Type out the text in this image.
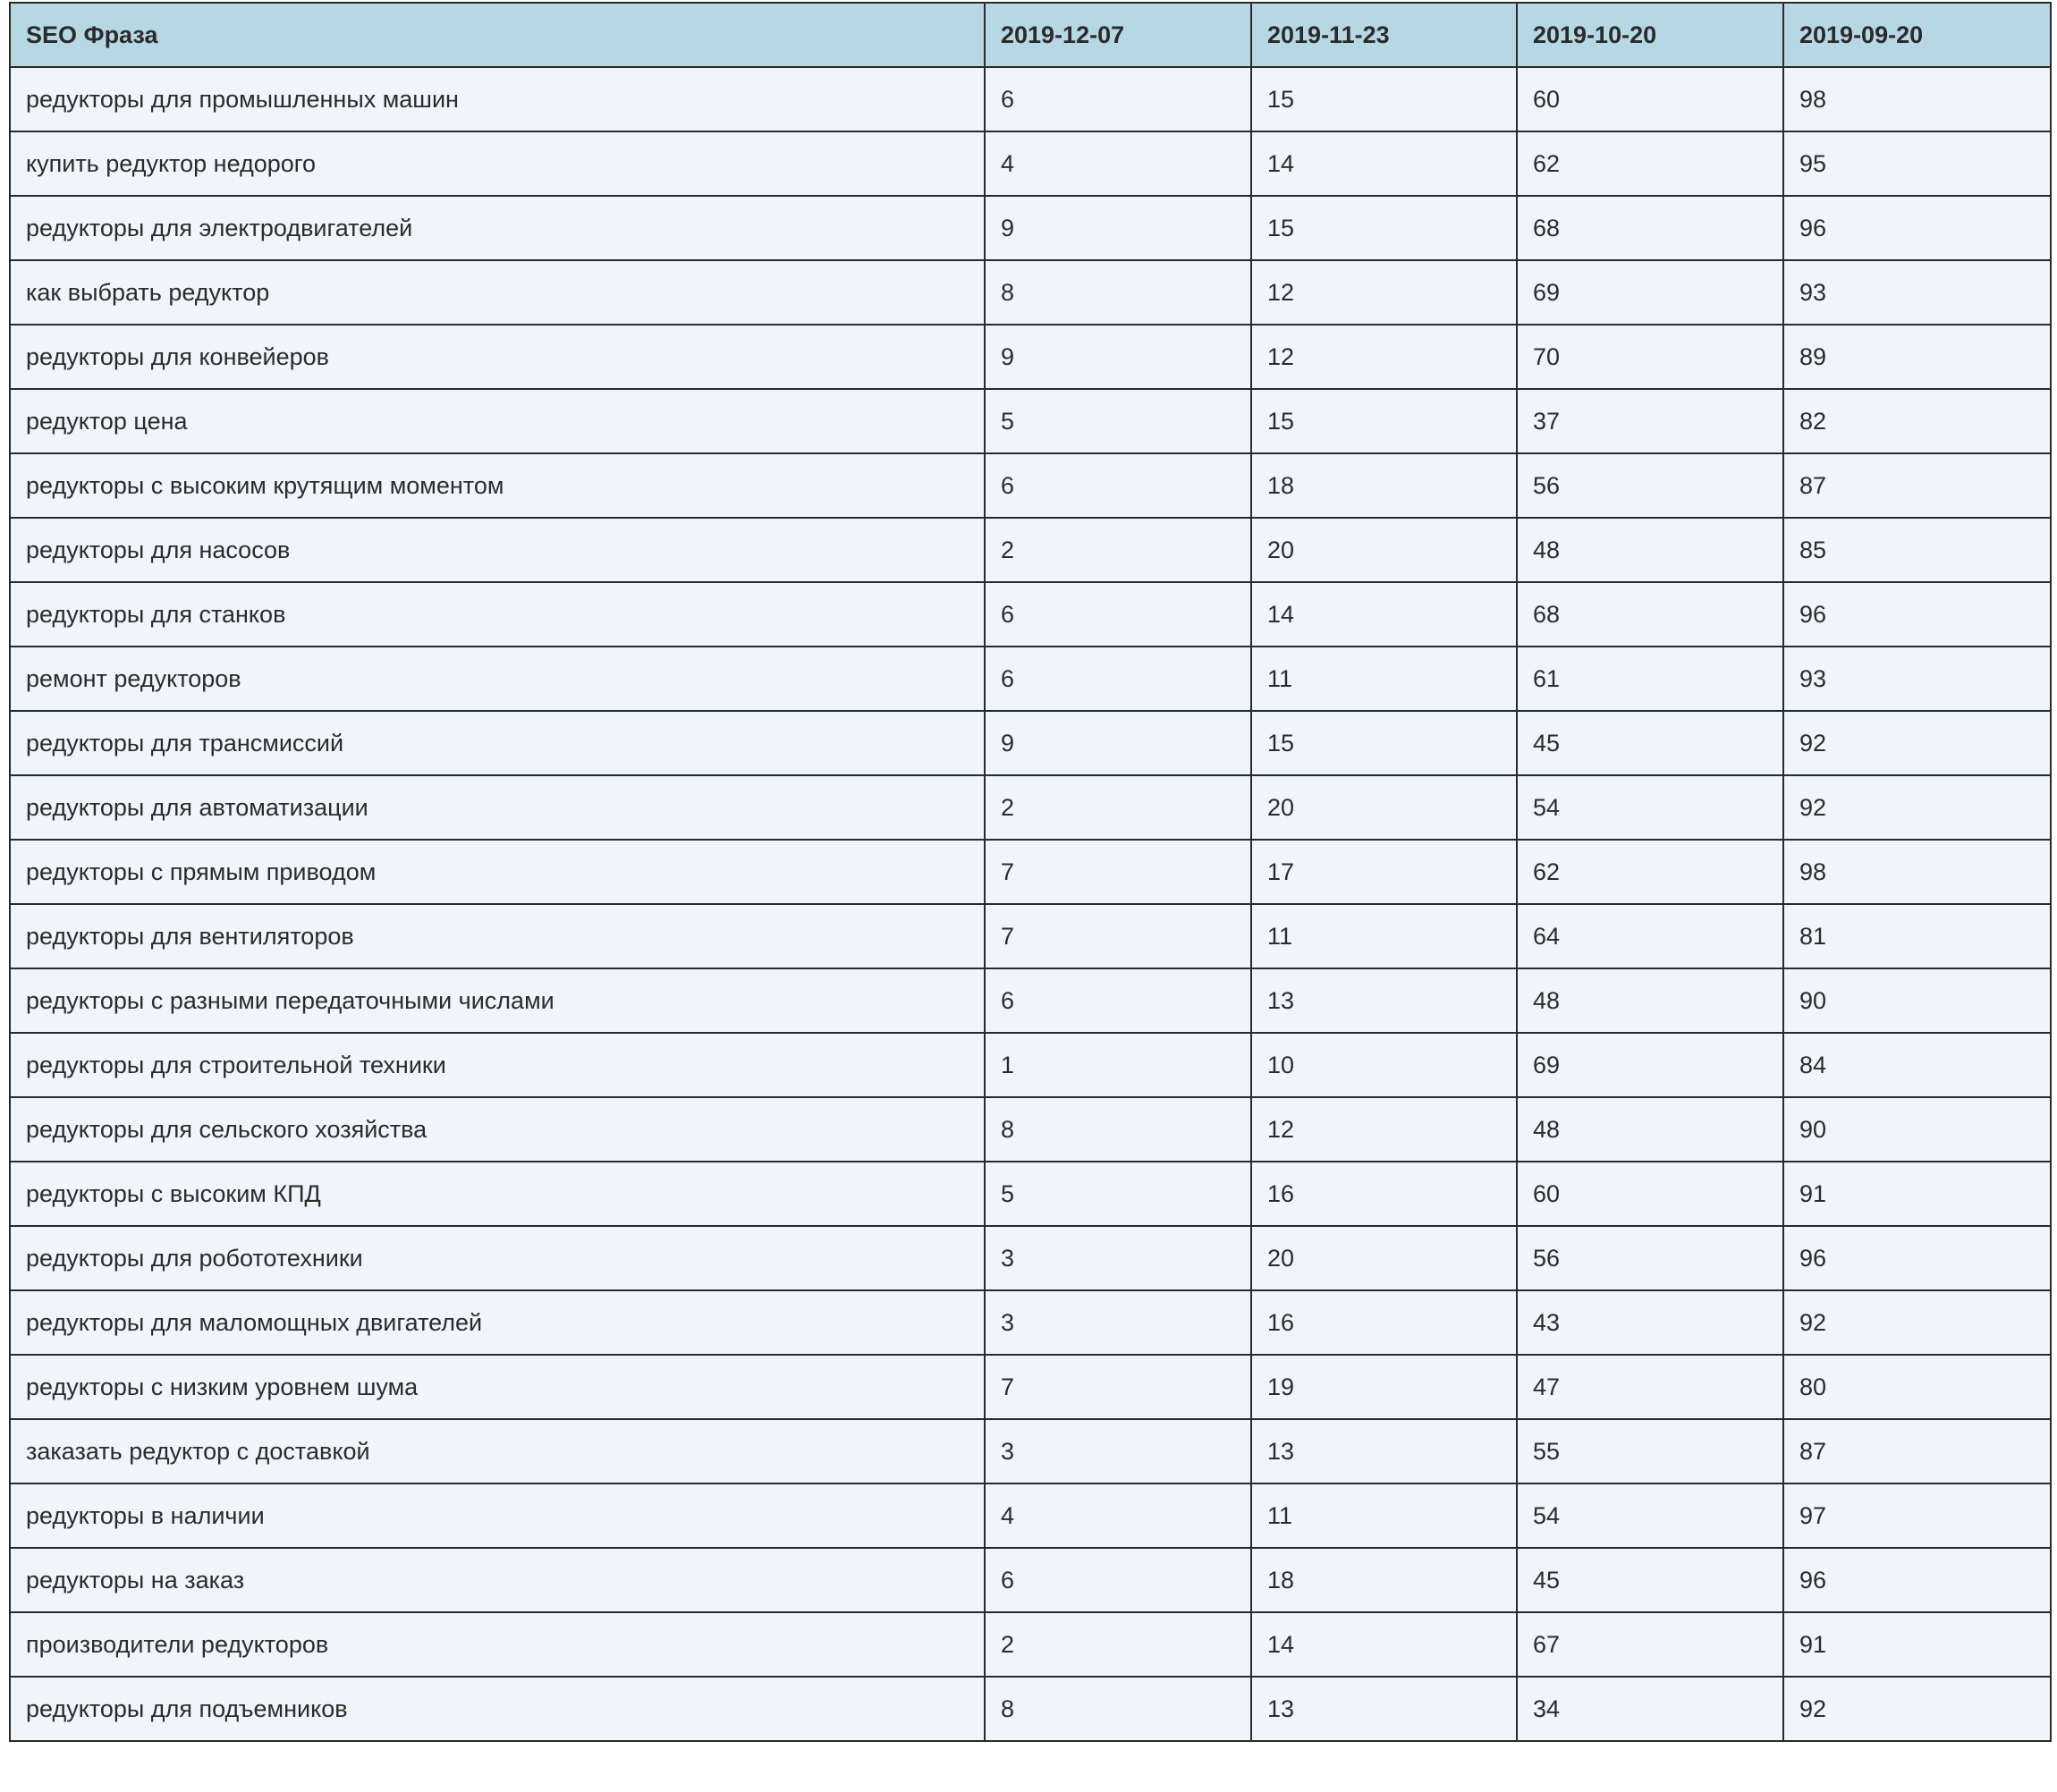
SEO Фраза	2019-12-07	2019-11-23	2019-10-20	2019-09-20
редукторы для промышленных машин	6	15	60	98
купить редуктор недорого	4	14	62	95
редукторы для электродвигателей	9	15	68	96
как выбрать редуктор	8	12	69	93
редукторы для конвейеров	9	12	70	89
редуктор цена	5	15	37	82
редукторы с высоким крутящим моментом	6	18	56	87
редукторы для насосов	2	20	48	85
редукторы для станков	6	14	68	96
ремонт редукторов	6	11	61	93
редукторы для трансмиссий	9	15	45	92
редукторы для автоматизации	2	20	54	92
редукторы с прямым приводом	7	17	62	98
редукторы для вентиляторов	7	11	64	81
редукторы с разными передаточными числами	6	13	48	90
редукторы для строительной техники	1	10	69	84
редукторы для сельского хозяйства	8	12	48	90
редукторы с высоким КПД	5	16	60	91
редукторы для робототехники	3	20	56	96
редукторы для маломощных двигателей	3	16	43	92
редукторы с низким уровнем шума	7	19	47	80
заказать редуктор с доставкой	3	13	55	87
редукторы в наличии	4	11	54	97
редукторы на заказ	6	18	45	96
производители редукторов	2	14	67	91
редукторы для подъемников	8	13	34	92
